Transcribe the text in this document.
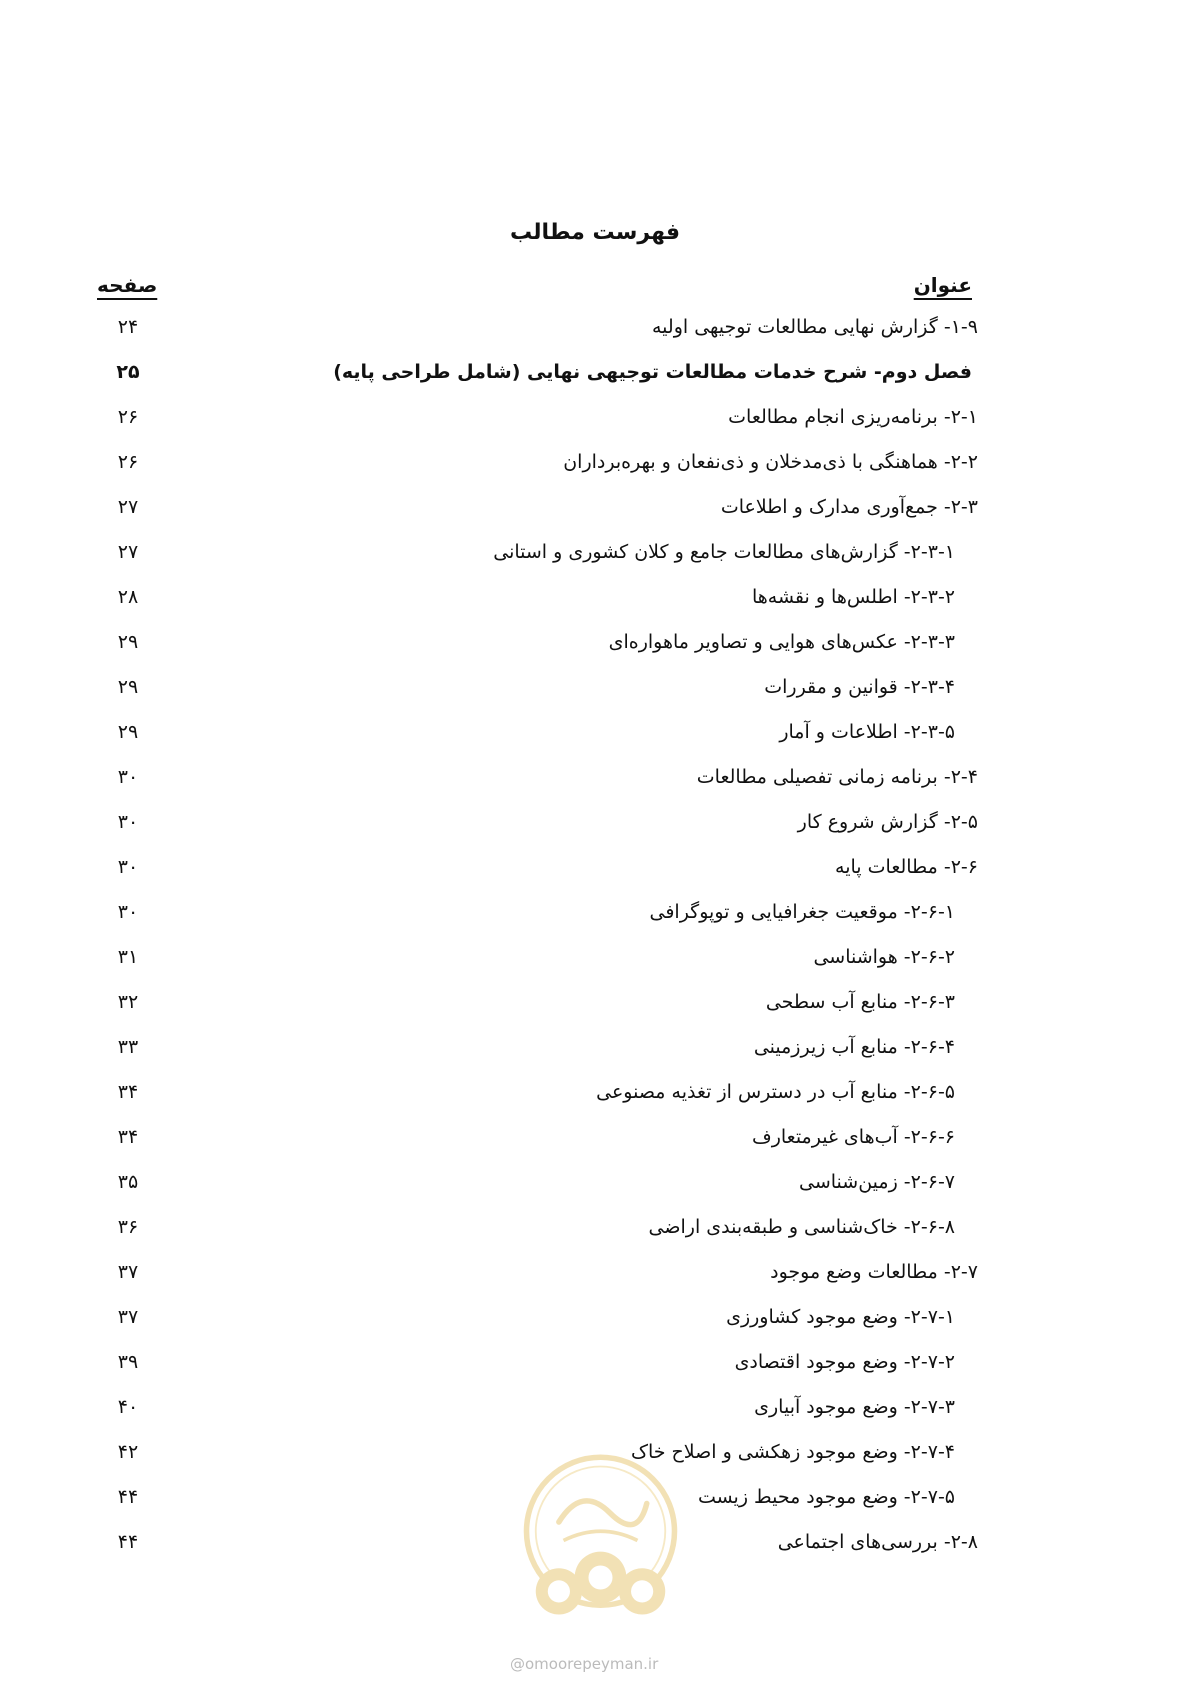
فهرست مطالب
عنوان
صفحه
۱-۹- گزارش نهایی مطالعات توجیهی اولیه
۲۴
فصل دوم- شرح خدمات مطالعات توجیهی نهایی (شامل طراحی پایه)
۲۵
۲-۱- برنامه‌ریزی انجام مطالعات
۲۶
۲-۲- هماهنگی با ذی‌مدخلان و ذی‌نفعان و بهره‌برداران
۲۶
۲-۳- جمع‌آوری مدارک و اطلاعات
۲۷
۲-۳-۱- گزارش‌های مطالعات جامع و کلان کشوری و استانی
۲۷
۲-۳-۲- اطلس‌ها و نقشه‌ها
۲۸
۲-۳-۳- عکس‌های هوایی و تصاویر ماهواره‌ای
۲۹
۲-۳-۴- قوانین و مقررات
۲۹
۲-۳-۵- اطلاعات و آمار
۲۹
۲-۴- برنامه زمانی تفصیلی مطالعات
۳۰
۲-۵- گزارش شروع کار
۳۰
۲-۶- مطالعات پایه
۳۰
۲-۶-۱- موقعیت جغرافیایی و توپوگرافی
۳۰
۲-۶-۲- هواشناسی
۳۱
۲-۶-۳- منابع آب سطحی
۳۲
۲-۶-۴- منابع آب زیرزمینی
۳۳
۲-۶-۵- منابع آب در دسترس از تغذیه مصنوعی
۳۴
۲-۶-۶- آب‌های غیرمتعارف
۳۴
۲-۶-۷- زمین‌شناسی
۳۵
۲-۶-۸- خاک‌شناسی و طبقه‌بندی اراضی
۳۶
۲-۷- مطالعات وضع موجود
۳۷
۲-۷-۱- وضع موجود کشاورزی
۳۷
۲-۷-۲- وضع موجود اقتصادی
۳۹
۲-۷-۳- وضع موجود آبیاری
۴۰
۲-۷-۴- وضع موجود زهکشی و اصلاح خاک
۴۲
۲-۷-۵- وضع موجود محیط زیست
۴۴
۲-۸- بررسی‌های اجتماعی
۴۴
@omoorepeyman.ir
